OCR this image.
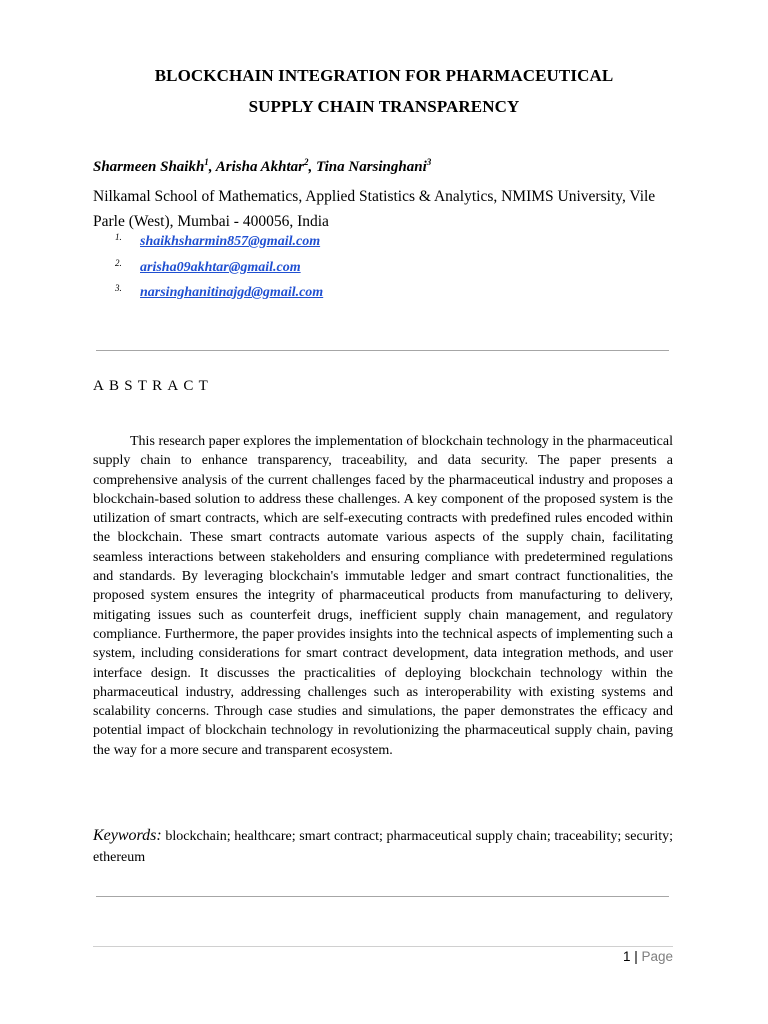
BLOCKCHAIN INTEGRATION FOR PHARMACEUTICAL
SUPPLY CHAIN TRANSPARENCY
Sharmeen Shaikh$^1$, Arisha Akhtar$^2$, Tina Narsinghani$^3$
Nilkamal School of Mathematics, Applied Statistics & Analytics, NMIMS University, Vile Parle (West), Mumbai - 400056, India
1. shaikhsharmin857@gmail.com
2. arisha09akhtar@gmail.com
3. narsinghanitinajgd@gmail.com
ABSTRACT

This research paper explores the implementation of blockchain technology in the pharmaceutical supply chain to enhance transparency, traceability, and data security. The paper presents a comprehensive analysis of the current challenges faced by the pharmaceutical industry and proposes a blockchain-based solution to address these challenges. A key component of the proposed system is the utilization of smart contracts, which are self-executing contracts with predefined rules encoded within the blockchain. These smart contracts automate various aspects of the supply chain, facilitating seamless interactions between stakeholders and ensuring compliance with predetermined regulations and standards. By leveraging blockchain's immutable ledger and smart contract functionalities, the proposed system ensures the integrity of pharmaceutical products from manufacturing to delivery, mitigating issues such as counterfeit drugs, inefficient supply chain management, and regulatory compliance. Furthermore, the paper provides insights into the technical aspects of implementing such a system, including considerations for smart contract development, data integration methods, and user interface design. It discusses the practicalities of deploying blockchain technology within the pharmaceutical industry, addressing challenges such as interoperability with existing systems and scalability concerns. Through case studies and simulations, the paper demonstrates the efficacy and potential impact of blockchain technology in revolutionizing the pharmaceutical supply chain, paving the way for a more secure and transparent ecosystem.

Keywords: blockchain; healthcare; smart contract; pharmaceutical supply chain; traceability; security; ethereum

1 | Page
